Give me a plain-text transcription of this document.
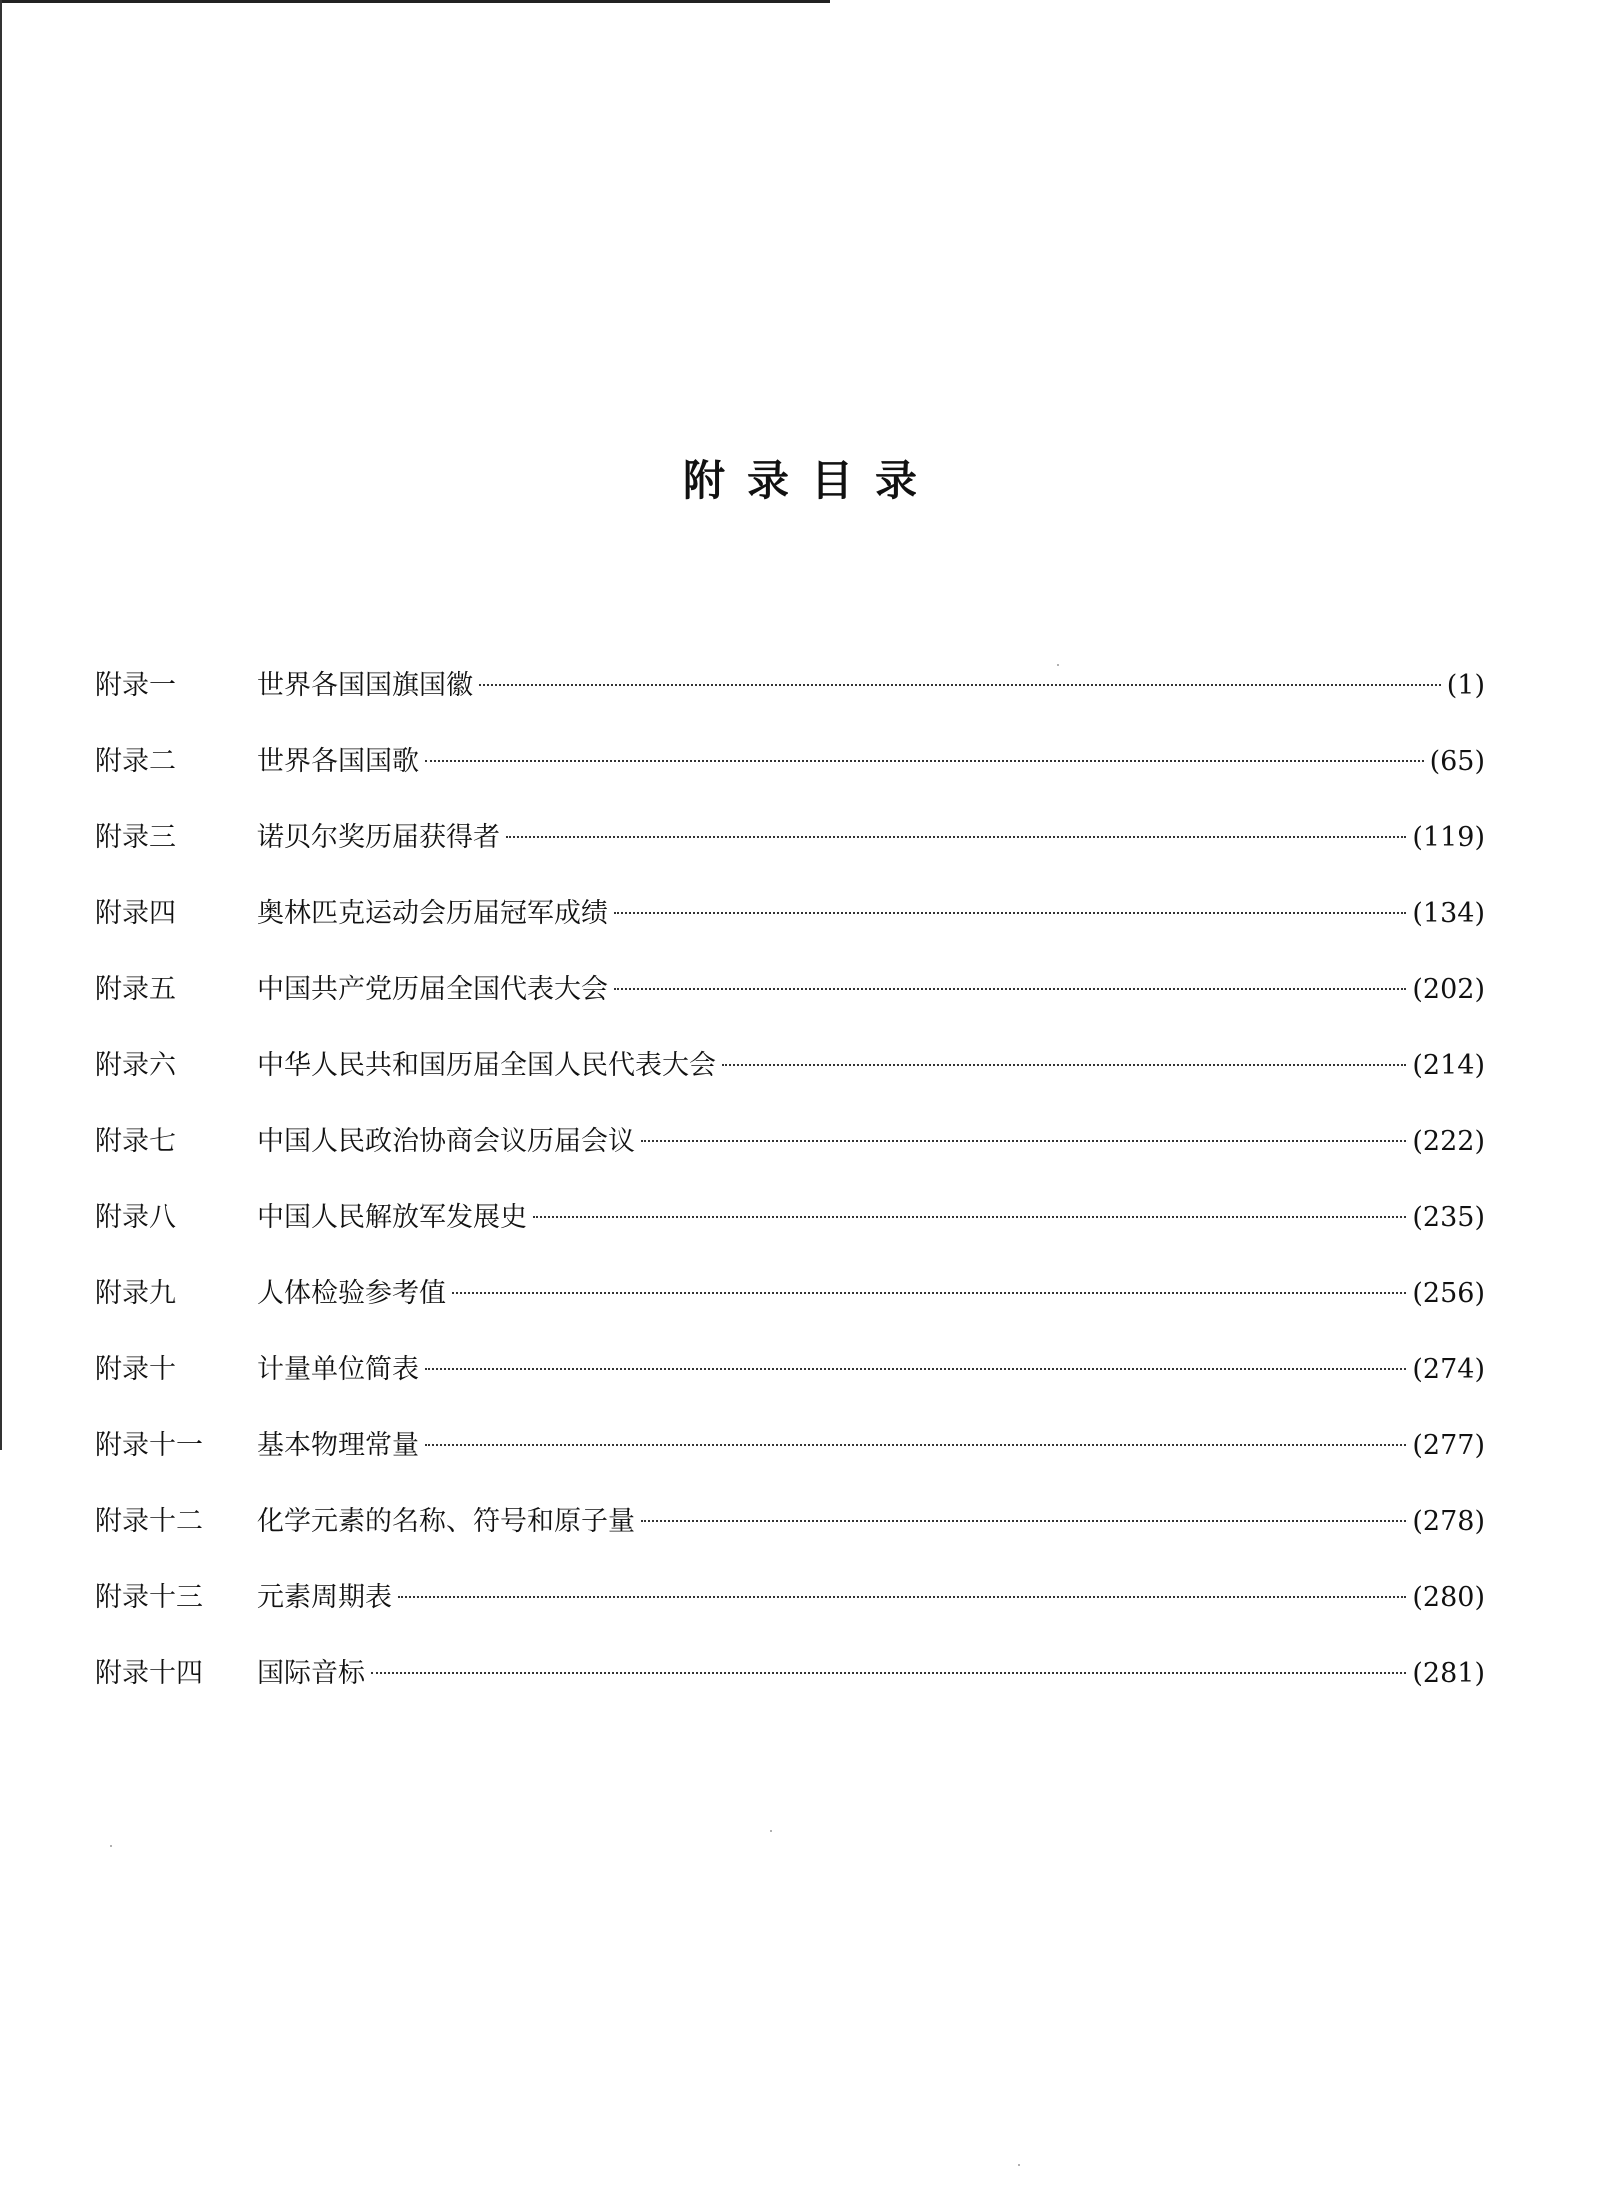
附录目录
附录一	世界各国国旗国徽	(1)
附录二	世界各国国歌	(65)
附录三	诺贝尔奖历届获得者	(119)
附录四	奥林匹克运动会历届冠军成绩	(134)
附录五	中国共产党历届全国代表大会	(202)
附录六	中华人民共和国历届全国人民代表大会	(214)
附录七	中国人民政治协商会议历届会议	(222)
附录八	中国人民解放军发展史	(235)
附录九	人体检验参考值	(256)
附录十	计量单位简表	(274)
附录十一	基本物理常量	(277)
附录十二	化学元素的名称、符号和原子量	(278)
附录十三	元素周期表	(280)
附录十四	国际音标	(281)
